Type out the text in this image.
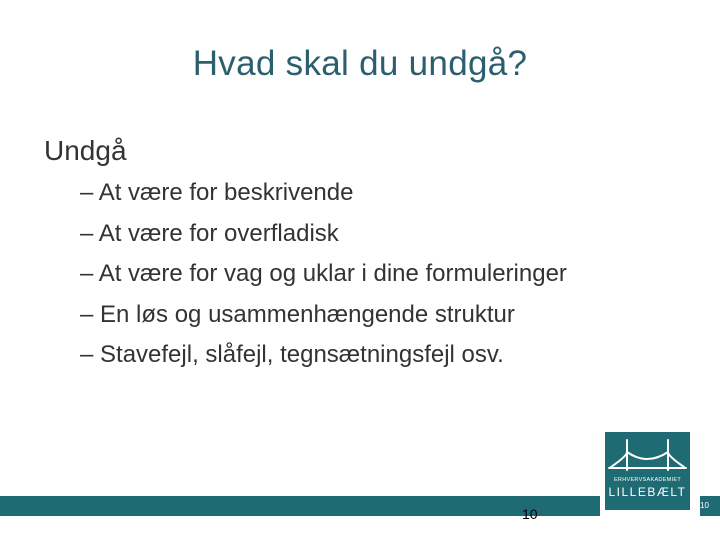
Hvad skal du undgå?
Undgå
– At være for beskrivende
– At være for overfladisk
– At være for vag og uklar i dine formuleringer
– En løs og usammenhængende struktur
– Stavefejl, slåfejl, tegnsætningsfejl osv.
ERHVERVSAKADEMIET
LILLEBÆLT
10
10
